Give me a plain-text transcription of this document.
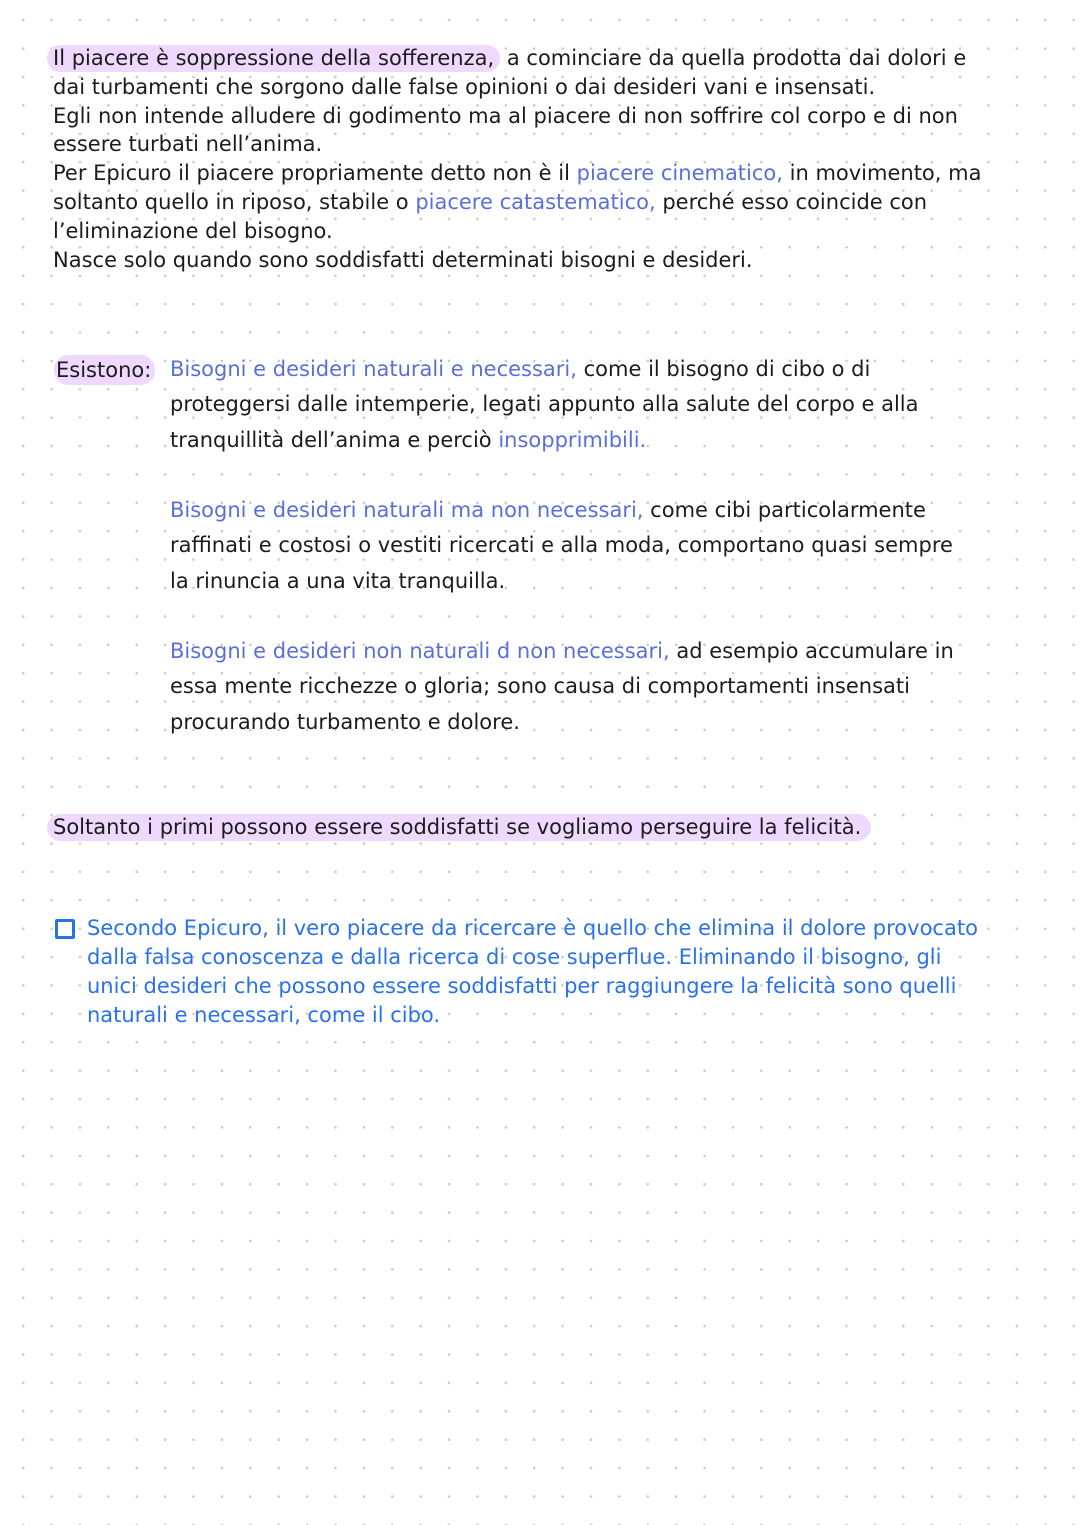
Il piacere è soppressione della sofferenza, a cominciare da quella prodotta dai dolori e
dai turbamenti che sorgono dalle false opinioni o dai desideri vani e insensati.
Egli non intende alludere di godimento ma al piacere di non soffrire col corpo e di non
essere turbati nell’anima.
Per Epicuro il piacere propriamente detto non è il piacere cinematico, in movimento, ma
soltanto quello in riposo, stabile o piacere catastematico, perché esso coincide con
l’eliminazione del bisogno.
Nasce solo quando sono soddisfatti determinati bisogni e desideri.
Esistono: Bisogni e desideri naturali e necessari, come il bisogno di cibo o di
proteggersi dalle intemperie, legati appunto alla salute del corpo e alla
tranquillità dell’anima e perciò insopprimibili.
Bisogni e desideri naturali ma non necessari, come cibi particolarmente
raffinati e costosi o vestiti ricercati e alla moda, comportano quasi sempre
la rinuncia a una vita tranquilla.
Bisogni e desideri non naturali d non necessari, ad esempio accumulare in
essa mente ricchezze o gloria; sono causa di comportamenti insensati
procurando turbamento e dolore.
Soltanto i primi possono essere soddisfatti se vogliamo perseguire la felicità.
Secondo Epicuro, il vero piacere da ricercare è quello che elimina il dolore provocato
dalla falsa conoscenza e dalla ricerca di cose superflue. Eliminando il bisogno, gli
unici desideri che possono essere soddisfatti per raggiungere la felicità sono quelli
naturali e necessari, come il cibo.
